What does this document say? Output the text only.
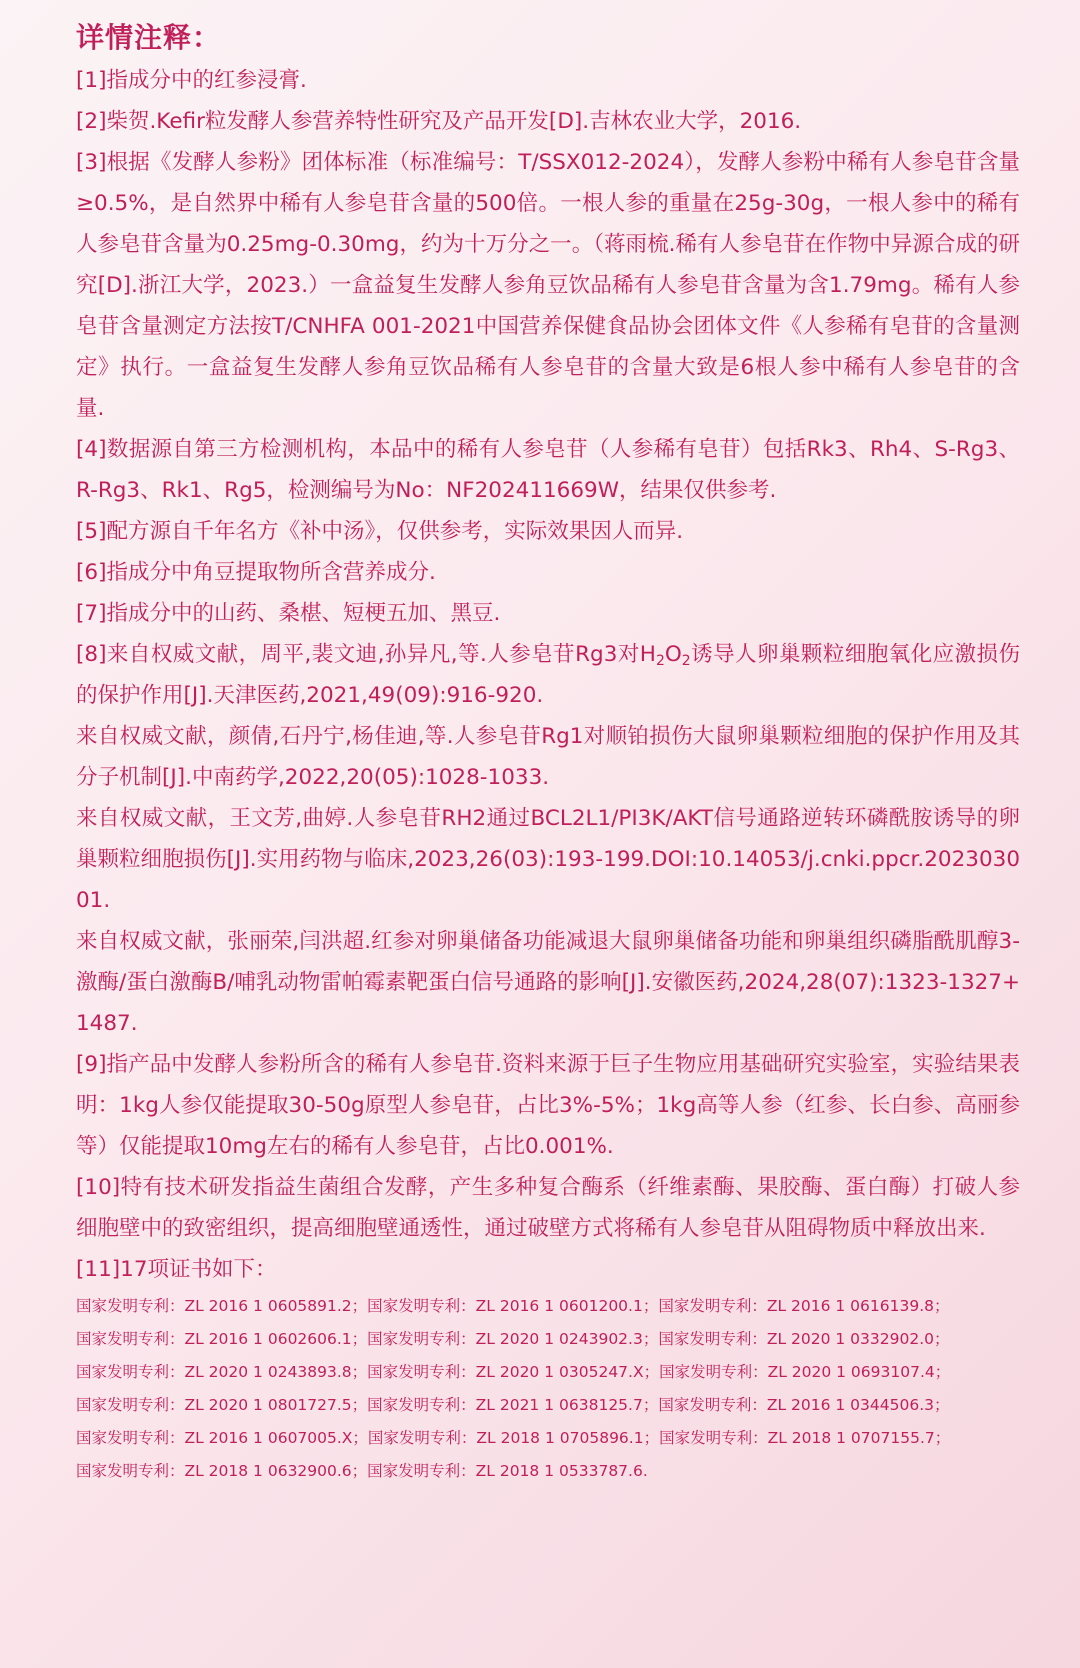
详情注释：

[1]指成分中的红参浸膏.

[2]柴贺.Kefir粒发酵人参营养特性研究及产品开发[D].吉林农业大学，2016.

[3]根据《发酵人参粉》团体标准（标准编号：T/SSX012-2024），发酵人参粉中稀有人参皂苷含量≥0.5%，是自然界中稀有人参皂苷含量的500倍。一根人参的重量在25g-30g，一根人参中的稀有人参皂苷含量为0.25mg-0.30mg，约为十万分之一。（蒋雨梳.稀有人参皂苷在作物中异源合成的研究[D].浙江大学，2023.）一盒益复生发酵人参角豆饮品稀有人参皂苷含量为含1.79mg。稀有人参皂苷含量测定方法按T/CNHFA 001-2021中国营养保健食品协会团体文件《人参稀有皂苷的含量测定》执行。一盒益复生发酵人参角豆饮品稀有人参皂苷的含量大致是6根人参中稀有人参皂苷的含量.

[4]数据源自第三方检测机构，本品中的稀有人参皂苷（人参稀有皂苷）包括Rk3、Rh4、S-Rg3、R-Rg3、Rk1、Rg5，检测编号为No：NF202411669W，结果仅供参考.

[5]配方源自千年名方《补中汤》，仅供参考，实际效果因人而异.

[6]指成分中角豆提取物所含营养成分.

[7]指成分中的山药、桑椹、短梗五加、黑豆.

[8]来自权威文献，周平,裴文迪,孙异凡,等.人参皂苷Rg3对$H_2O_2$诱导人卵巢颗粒细胞氧化应激损伤的保护作用[J].天津医药,2021,49(09):916-920.

来自权威文献，颜倩,石丹宁,杨佳迪,等.人参皂苷Rg1对顺铂损伤大鼠卵巢颗粒细胞的保护作用及其分子机制[J].中南药学,2022,20(05):1028-1033.

来自权威文献，王文芳,曲婷.人参皂苷RH2通过BCL2L1/PI3K/AKT信号通路逆转环磷酰胺诱导的卵巢颗粒细胞损伤[J].实用药物与临床,2023,26(03):193-199.DOI:10.14053/j.cnki.ppcr.202303001.

来自权威文献，张丽荣,闫洪超.红参对卵巢储备功能减退大鼠卵巢储备功能和卵巢组织磷脂酰肌醇3-激酶/蛋白激酶B/哺乳动物雷帕霉素靶蛋白信号通路的影响[J].安徽医药,2024,28(07):1323-1327+1487.

[9]指产品中发酵人参粉所含的稀有人参皂苷.资料来源于巨子生物应用基础研究实验室，实验结果表明：1kg人参仅能提取30-50g原型人参皂苷，占比3%-5%；1kg高等人参（红参、长白参、高丽参等）仅能提取10mg左右的稀有人参皂苷，占比0.001%.

[10]特有技术研发指益生菌组合发酵，产生多种复合酶系（纤维素酶、果胶酶、蛋白酶）打破人参细胞壁中的致密组织，提高细胞壁通透性，通过破壁方式将稀有人参皂苷从阻碍物质中释放出来.

[11]17项证书如下：

国家发明专利：ZL 2016 1 0605891.2；国家发明专利：ZL 2016 1 0601200.1；国家发明专利：ZL 2016 1 0616139.8；

国家发明专利：ZL 2016 1 0602606.1；国家发明专利：ZL 2020 1 0243902.3；国家发明专利：ZL 2020 1 0332902.0；

国家发明专利：ZL 2020 1 0243893.8；国家发明专利：ZL 2020 1 0305247.X；国家发明专利：ZL 2020 1 0693107.4；

国家发明专利：ZL 2020 1 0801727.5；国家发明专利：ZL 2021 1 0638125.7；国家发明专利：ZL 2016 1 0344506.3；

国家发明专利：ZL 2016 1 0607005.X；国家发明专利：ZL 2018 1 0705896.1；国家发明专利：ZL 2018 1 0707155.7；

国家发明专利：ZL 2018 1 0632900.6；国家发明专利：ZL 2018 1 0533787.6.
